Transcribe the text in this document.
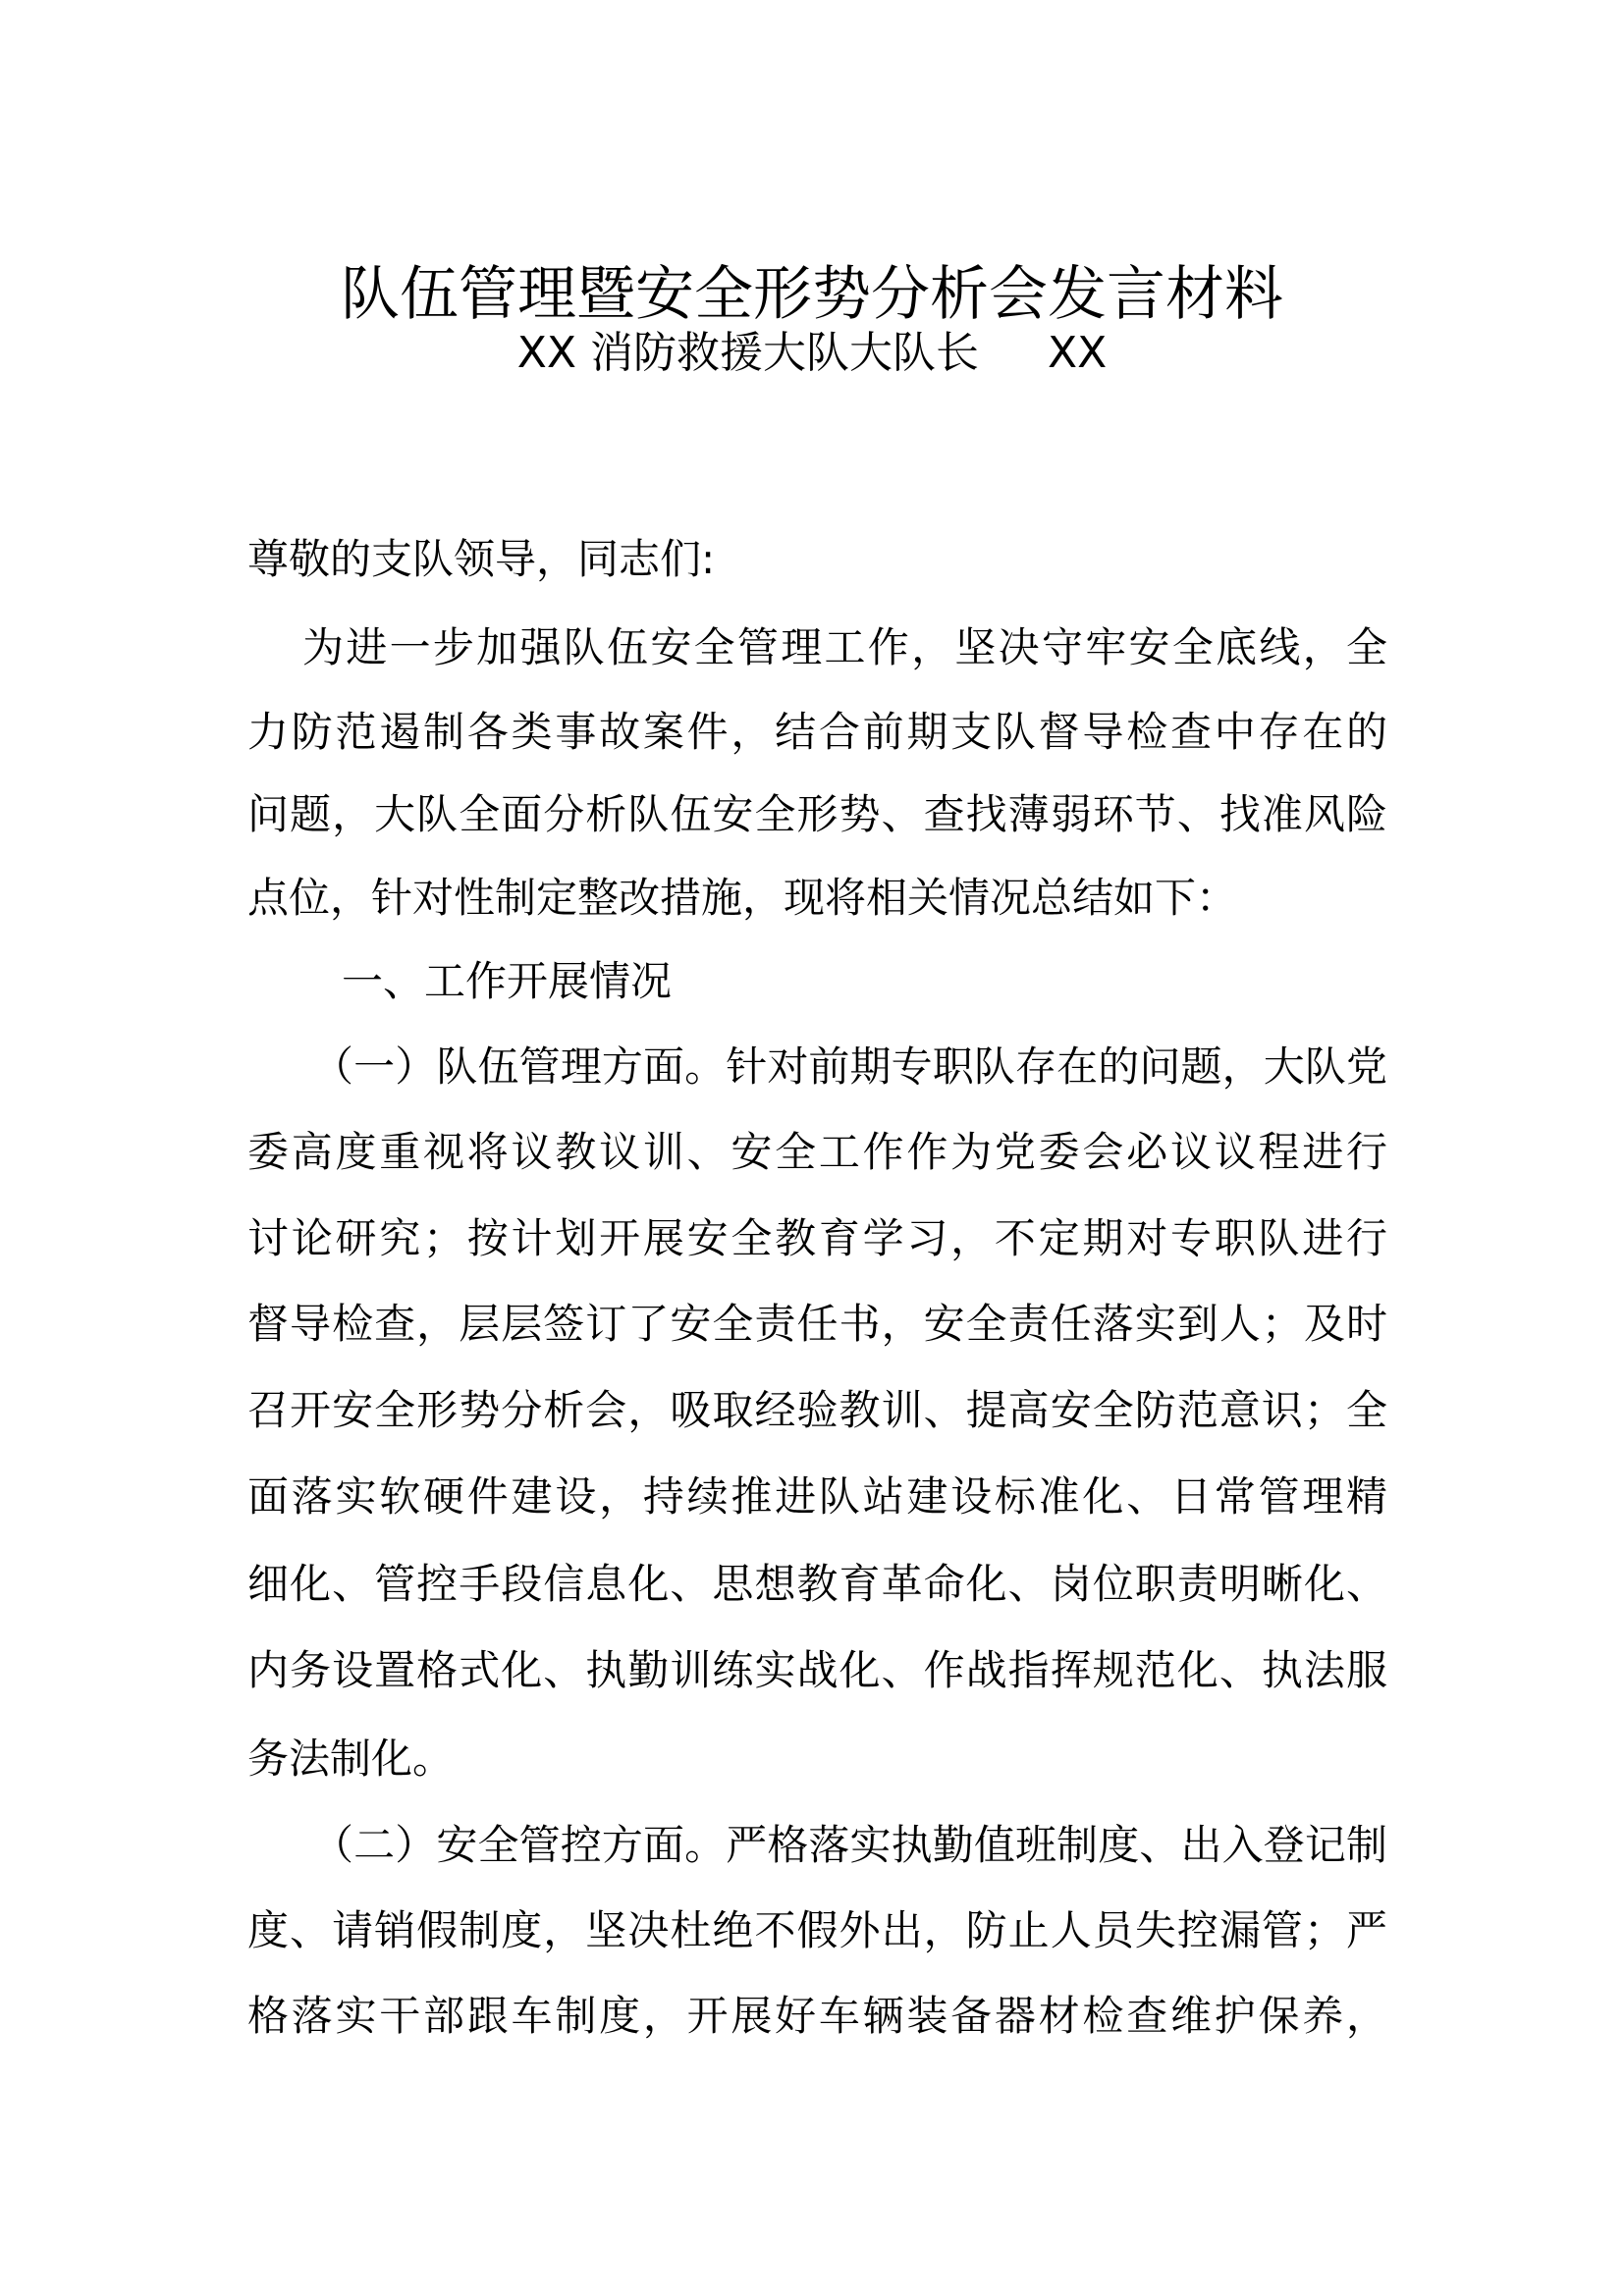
队伍管理暨安全形势分析会发言材料
XX 消防救援大队大队长 XX
尊敬的支队领导，同志们:
为进一步加强队伍安全管理工作，坚决守牢安全底线，全
力防范遏制各类事故案件，结合前期支队督导检查中存在的
问题，大队全面分析队伍安全形势、查找薄弱环节、找准风险
点位，针对性制定整改措施，现将相关情况总结如下：
一、工作开展情况
（一）队伍管理方面。针对前期专职队存在的问题，大队党
委高度重视将议教议训、安全工作作为党委会必议议程进行
讨论研究；按计划开展安全教育学习，不定期对专职队进行
督导检查，层层签订了安全责任书，安全责任落实到人；及时
召开安全形势分析会，吸取经验教训、提高安全防范意识；全
面落实软硬件建设，持续推进队站建设标准化、日常管理精
细化、管控手段信息化、思想教育革命化、岗位职责明晰化、
内务设置格式化、执勤训练实战化、作战指挥规范化、执法服
务法制化。
（二）安全管控方面。严格落实执勤值班制度、出入登记制
度、请销假制度，坚决杜绝不假外出，防止人员失控漏管；严
格落实干部跟车制度，开展好车辆装备器材检查维护保养，
